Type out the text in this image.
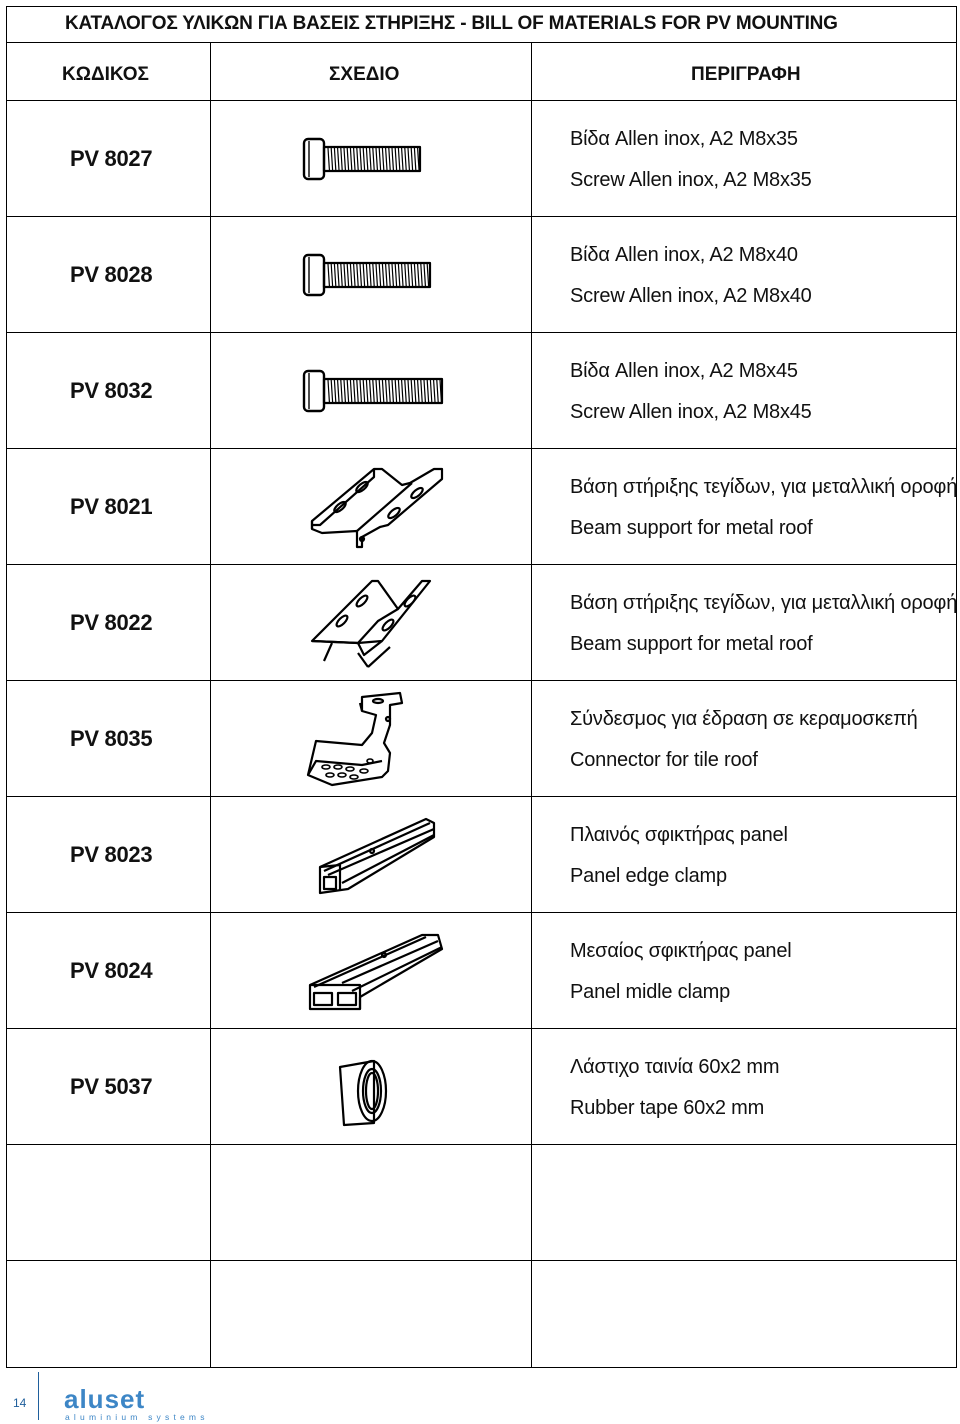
ΚΑΤΑΛΟΓΟΣ ΥΛΙΚΩΝ ΓΙΑ ΒΑΣΕΙΣ ΣΤΗΡΙΞΗΣ - BILL OF MATERIALS FOR PV MOUNTING
ΚΩΔΙΚΟΣ	ΣΧΕΔΙΟ	ΠΕΡΙΓΡΑΦΗ
PV 8027
Βίδα Allen inox, A2 M8x35
Screw Allen inox, A2 M8x35
PV 8028
Βίδα Allen inox, A2 M8x40
Screw Allen inox, A2 M8x40
PV 8032
Βίδα Allen inox, A2 M8x45
Screw Allen inox, A2 M8x45
PV 8021
Βάση στήριξης τεγίδων, για μεταλλική οροφή
Beam support for metal roof
PV 8022
Βάση στήριξης τεγίδων, για μεταλλική οροφή
Beam support for metal roof
PV 8035
Σύνδεσμος για έδραση σε κεραμοσκεπή
Connector for tile roof
PV 8023
Πλαινός σφικτήρας panel
Panel edge clamp
PV 8024
Μεσαίος σφικτήρας panel
Panel midle clamp
PV 5037
Λάστιχο ταινία 60x2 mm
Rubber tape 60x2 mm
14 aluset
aluminium systems
